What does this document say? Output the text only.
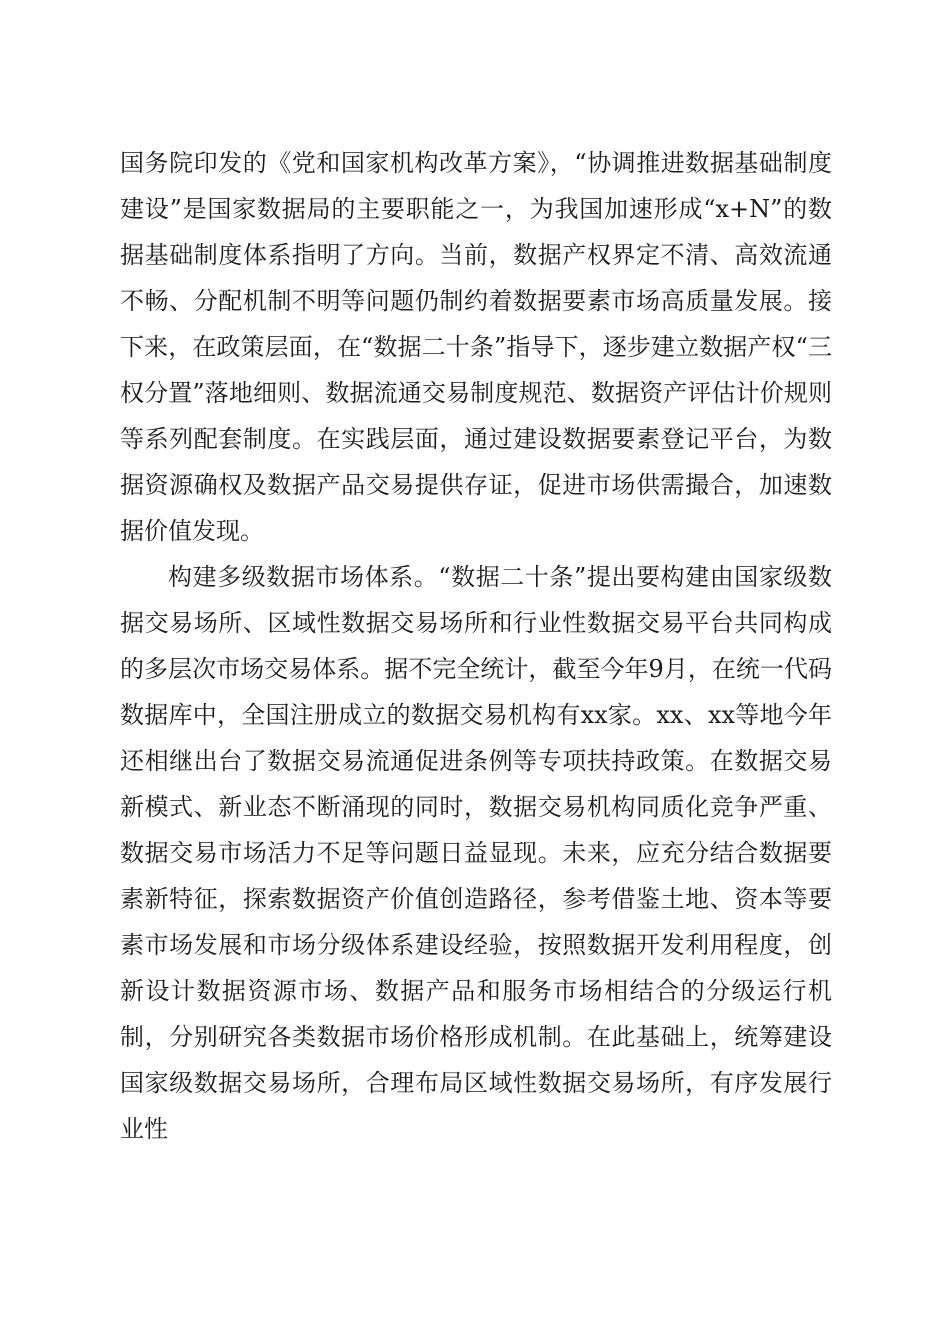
国务院印发的《党和国家机构改革方案》，“协调推进数据基础制度建设”是国家数据局的主要职能之一，为我国加速形成“x+N”的数据基础制度体系指明了方向。当前，数据产权界定不清、高效流通不畅、分配机制不明等问题仍制约着数据要素市场高质量发展。接下来，在政策层面，在“数据二十条”指导下，逐步建立数据产权“三权分置”落地细则、数据流通交易制度规范、数据资产评估计价规则等系列配套制度。在实践层面，通过建设数据要素登记平台，为数据资源确权及数据产品交易提供存证，促进市场供需撮合，加速数据价值发现。

构建多级数据市场体系。“数据二十条”提出要构建由国家级数据交易场所、区域性数据交易场所和行业性数据交易平台共同构成的多层次市场交易体系。据不完全统计，截至今年9月，在统一代码数据库中，全国注册成立的数据交易机构有xx家。xx、xx等地今年还相继出台了数据交易流通促进条例等专项扶持政策。在数据交易新模式、新业态不断涌现的同时，数据交易机构同质化竞争严重、数据交易市场活力不足等问题日益显现。未来，应充分结合数据要素新特征，探索数据资产价值创造路径，参考借鉴土地、资本等要素市场发展和市场分级体系建设经验，按照数据开发利用程度，创新设计数据资源市场、数据产品和服务市场相结合的分级运行机制，分别研究各类数据市场价格形成机制。在此基础上，统筹建设国家级数据交易场所，合理布局区域性数据交易场所，有序发展行业性
